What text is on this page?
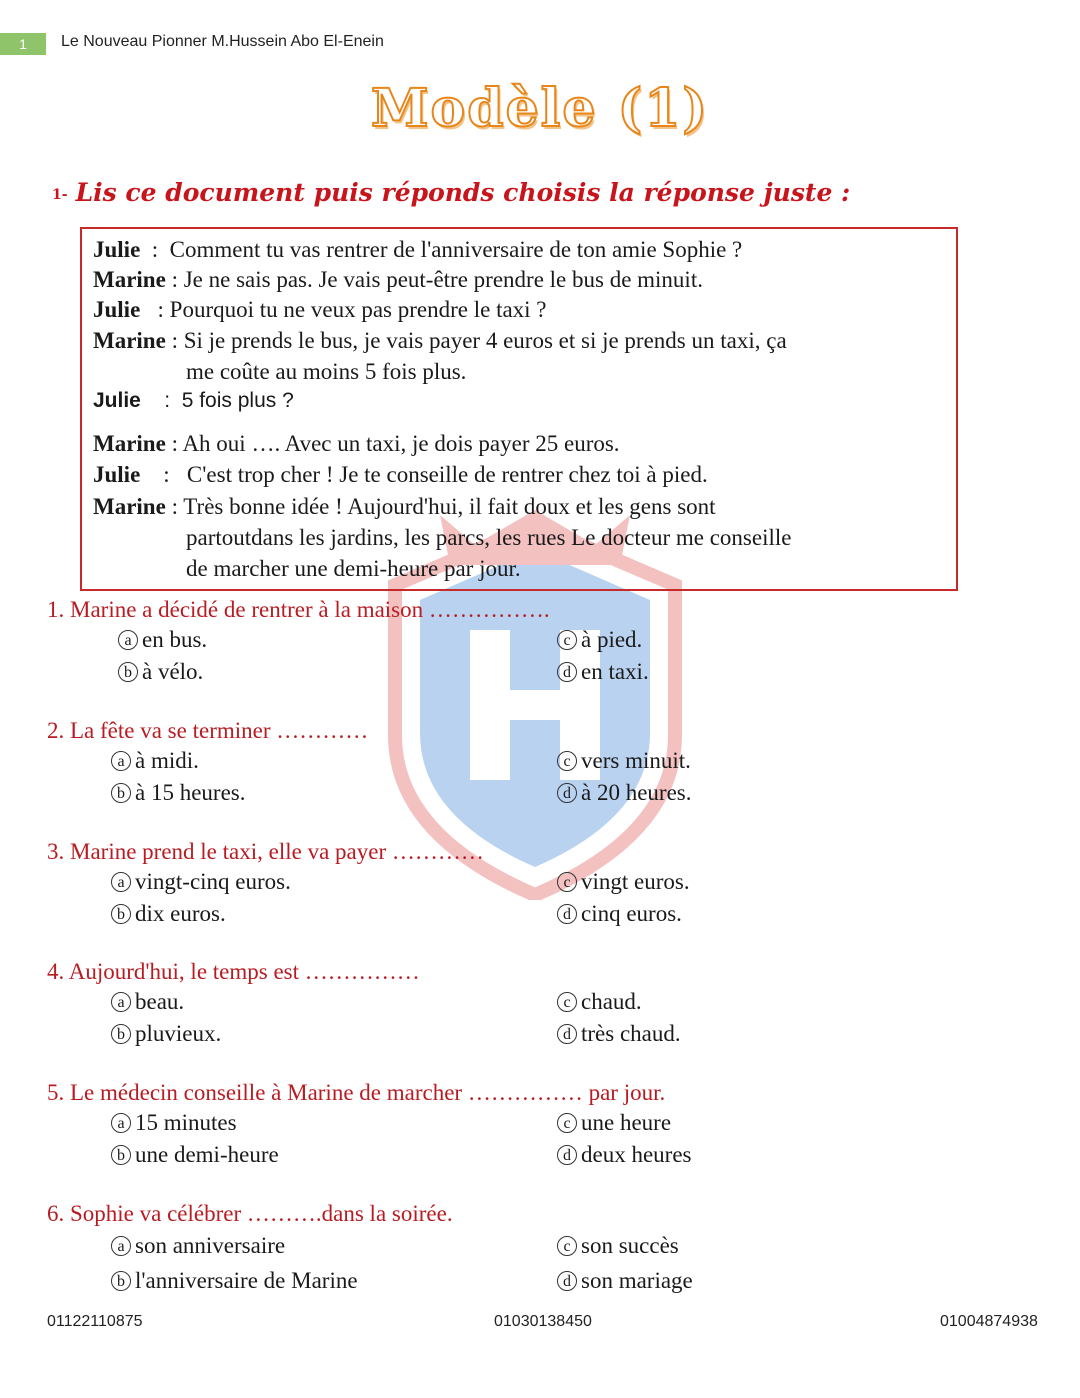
1	Le Nouveau Pionner M.Hussein Abo El-Enein
Modèle (1)
1- Lis ce document puis réponds choisis la réponse juste :
Julie  :  Comment tu vas rentrer de l'anniversaire de ton amie Sophie ?
Marine : Je ne sais pas. Je vais peut-être prendre le bus de minuit.
Julie   : Pourquoi tu ne veux pas prendre le taxi ?
Marine : Si je prends le bus, je vais payer 4 euros et si je prends un taxi, ça
me coûte au moins 5 fois plus.
Julie    :  5 fois plus ?
Marine : Ah oui …. Avec un taxi, je dois payer 25 euros.
Julie    :   C'est trop cher ! Je te conseille de rentrer chez toi à pied.
Marine : Très bonne idée ! Aujourd'hui, il fait doux et les gens sont
partoutdans les jardins, les parcs, les rues Le docteur me conseille
de marcher une demi-heure par jour.
1. Marine a décidé de rentrer à la maison …………….
a en bus.
b à vélo.
c à pied.
d en taxi.
2. La fête va se terminer …………
a à midi.
b à 15 heures.
c vers minuit.
d à 20 heures.
3. Marine prend le taxi, elle va payer …………
a vingt-cinq euros.
b dix euros.
c vingt euros.
d cinq euros.
4. Aujourd'hui, le temps est ……………
a beau.
b pluvieux.
c chaud.
d très chaud.
5. Le médecin conseille à Marine de marcher …………… par jour.
a 15 minutes
b une demi-heure
c une heure
d deux heures
6. Sophie va célébrer ……….dans la soirée.
a son anniversaire
b l'anniversaire de Marine
c son succès
d son mariage
01122110875	01030138450	01004874938
